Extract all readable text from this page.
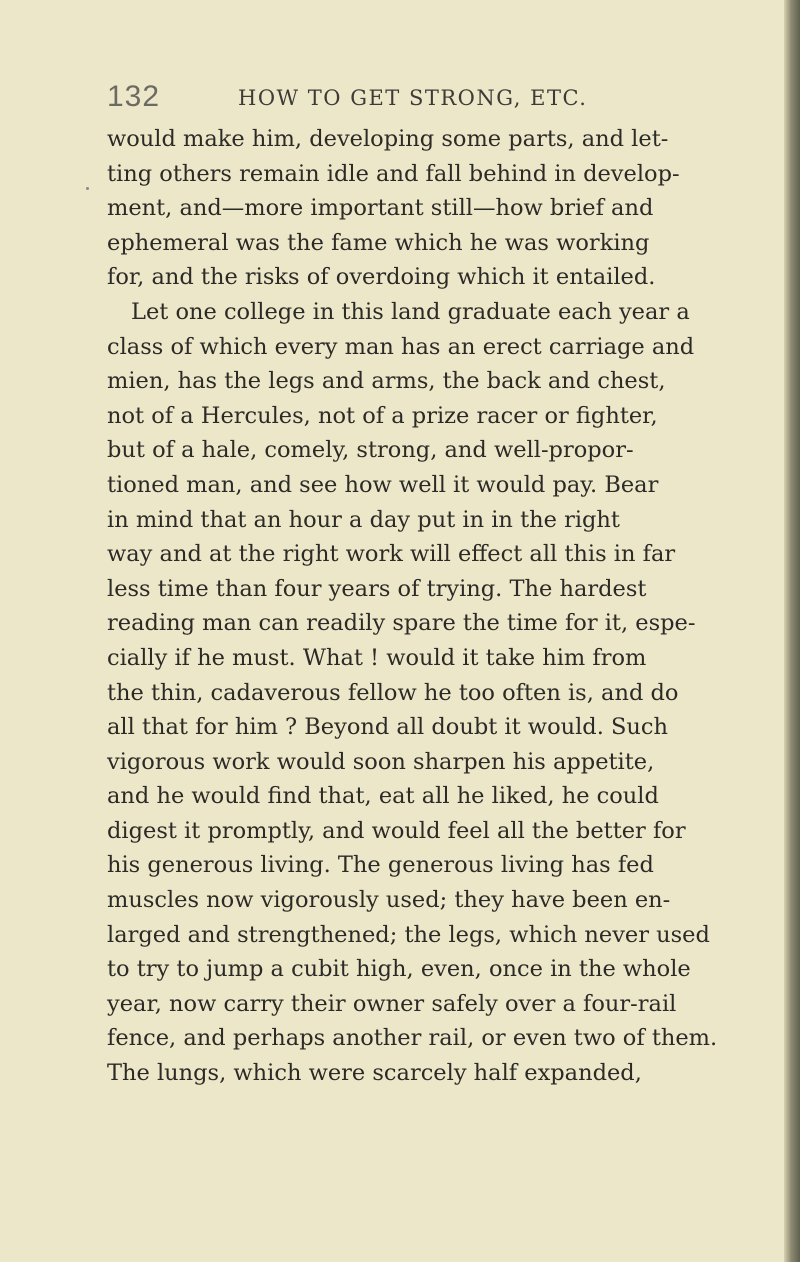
132	HOW TO GET STRONG, ETC.
would make him, developing some parts, and let-
ting others remain idle and fall behind in develop-
ment, and—more important still—how brief and
ephemeral was the fame which he was working
for, and the risks of overdoing which it entailed.
Let one college in this land graduate each year a
class of which every man has an erect carriage and
mien, has the legs and arms, the back and chest,
not of a Hercules, not of a prize racer or fighter,
but of a hale, comely, strong, and well-propor-
tioned man, and see how well it would pay. Bear
in mind that an hour a day put in in the right
way and at the right work will effect all this in far
less time than four years of trying. The hardest
reading man can readily spare the time for it, espe-
cially if he must. What ! would it take him from
the thin, cadaverous fellow he too often is, and do
all that for him ? Beyond all doubt it would. Such
vigorous work would soon sharpen his appetite,
and he would find that, eat all he liked, he could
digest it promptly, and would feel all the better for
his generous living. The generous living has fed
muscles now vigorously used; they have been en-
larged and strengthened; the legs, which never used
to try to jump a cubit high, even, once in the whole
year, now carry their owner safely over a four-rail
fence, and perhaps another rail, or even two of them.
The lungs, which were scarcely half expanded,
